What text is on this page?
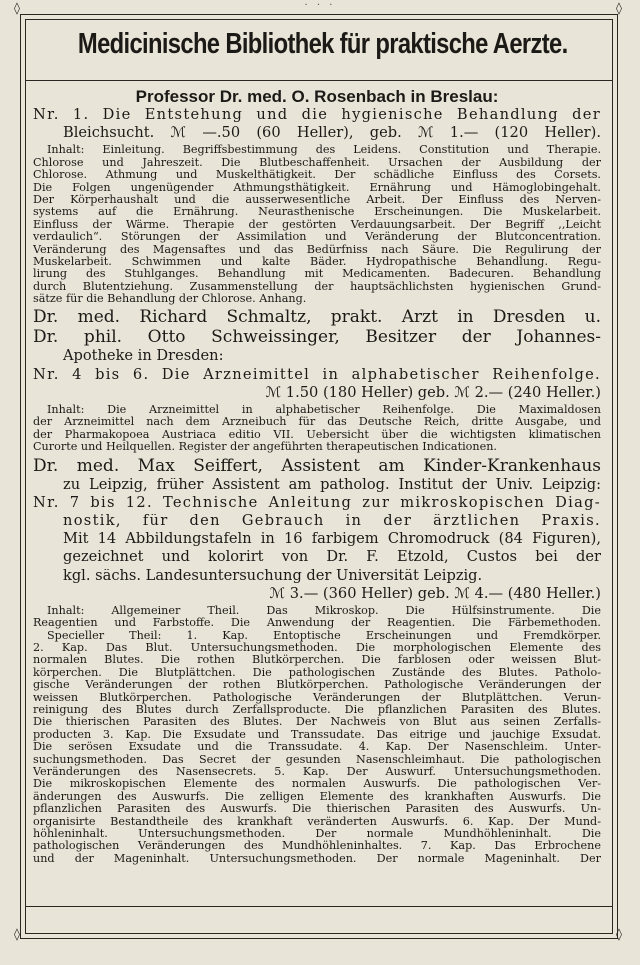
· · ·
◊	◊
◊	◊
Medicinische Bibliothek für praktische Aerzte.
Professor Dr. med. O. Rosenbach in Breslau:
Nr. 1. Die Entstehung und die hygienische Behandlung der
Bleichsucht. ℳ —.50 (60 Heller), geb. ℳ 1.— (120 Heller).
Inhalt: Einleitung. Begriffsbestimmung des Leidens. Constitution und Therapie.
Chlorose und Jahreszeit. Die Blutbeschaffenheit. Ursachen der Ausbildung der
Chlorose. Athmung und Muskelthätigkeit. Der schädliche Einfluss des Corsets.
Die Folgen ungenügender Athmungsthätigkeit. Ernährung und Hämoglobingehalt.
Der Körperhaushalt und die ausserwesentliche Arbeit. Der Einfluss des Nerven-
systems auf die Ernährung. Neurasthenische Erscheinungen. Die Muskelarbeit.
Einfluss der Wärme. Therapie der gestörten Verdauungsarbeit. Der Begriff ,,Leicht
verdaulich“. Störungen der Assimilation und Veränderung der Blutconcentration.
Veränderung des Magensaftes und das Bedürfniss nach Säure. Die Regulirung der
Muskelarbeit. Schwimmen und kalte Bäder. Hydropathische Behandlung. Regu-
lirung des Stuhlganges. Behandlung mit Medicamenten. Badecuren. Behandlung
durch Blutentziehung. Zusammenstellung der hauptsächlichsten hygienischen Grund-
sätze für die Behandlung der Chlorose. Anhang.
Dr. med. Richard Schmaltz, prakt. Arzt in Dresden u.
Dr. phil. Otto Schweissinger, Besitzer der Johannes-
Apotheke in Dresden:
Nr. 4 bis 6. Die Arzneimittel in alphabetischer Reihenfolge.
ℳ 1.50 (180 Heller) geb. ℳ 2.— (240 Heller.)
Inhalt: Die Arzneimittel in alphabetischer Reihenfolge. Die Maximaldosen
der Arzneimittel nach dem Arzneibuch für das Deutsche Reich, dritte Ausgabe, und
der Pharmakopoea Austriaca editio VII. Uebersicht über die wichtigsten klimatischen
Curorte und Heilquellen. Register der angeführten therapeutischen Indicationen.
Dr. med. Max Seiffert, Assistent am Kinder-Krankenhaus
zu Leipzig, früher Assistent am patholog. Institut der Univ. Leipzig:
Nr. 7 bis 12. Technische Anleitung zur mikroskopischen Diag-
nostik, für den Gebrauch in der ärztlichen Praxis.
Mit 14 Abbildungstafeln in 16 farbigem Chromodruck (84 Figuren),
gezeichnet und kolorirt von Dr. F. Etzold, Custos bei der
kgl. sächs. Landesuntersuchung der Universität Leipzig.
ℳ 3.— (360 Heller) geb. ℳ 4.— (480 Heller.)
Inhalt: Allgemeiner Theil. Das Mikroskop. Die Hülfsinstrumente. Die
Reagentien und Farbstoffe. Die Anwendung der Reagentien. Die Färbemethoden.
Specieller Theil: 1. Kap. Entoptische Erscheinungen und Fremdkörper.
2. Kap. Das Blut. Untersuchungsmethoden. Die morphologischen Elemente des
normalen Blutes. Die rothen Blutkörperchen. Die farblosen oder weissen Blut-
körperchen. Die Blutplättchen. Die pathologischen Zustände des Blutes. Patholo-
gische Veränderungen der rothen Blutkörperchen. Pathologische Veränderungen der
weissen Blutkörperchen. Pathologische Veränderungen der Blutplättchen. Verun-
reinigung des Blutes durch Zerfallsproducte. Die pflanzlichen Parasiten des Blutes.
Die thierischen Parasiten des Blutes. Der Nachweis von Blut aus seinen Zerfalls-
producten 3. Kap. Die Exsudate und Transsudate. Das eitrige und jauchige Exsudat.
Die serösen Exsudate und die Transsudate. 4. Kap. Der Nasenschleim. Unter-
suchungsmethoden. Das Secret der gesunden Nasenschleimhaut. Die pathologischen
Veränderungen des Nasensecrets. 5. Kap. Der Auswurf. Untersuchungsmethoden.
Die mikroskopischen Elemente des normalen Auswurfs. Die pathologischen Ver-
änderungen des Auswurfs. Die zelligen Elemente des krankhaften Auswurfs. Die
pflanzlichen Parasiten des Auswurfs. Die thierischen Parasiten des Auswurfs. Un-
organisirte Bestandtheile des krankhaft veränderten Auswurfs. 6. Kap. Der Mund-
höhleninhalt. Untersuchungsmethoden. Der normale Mundhöhleninhalt. Die
pathologischen Veränderungen des Mundhöhleninhaltes. 7. Kap. Das Erbrochene
und der Mageninhalt. Untersuchungsmethoden. Der normale Mageninhalt. Der
